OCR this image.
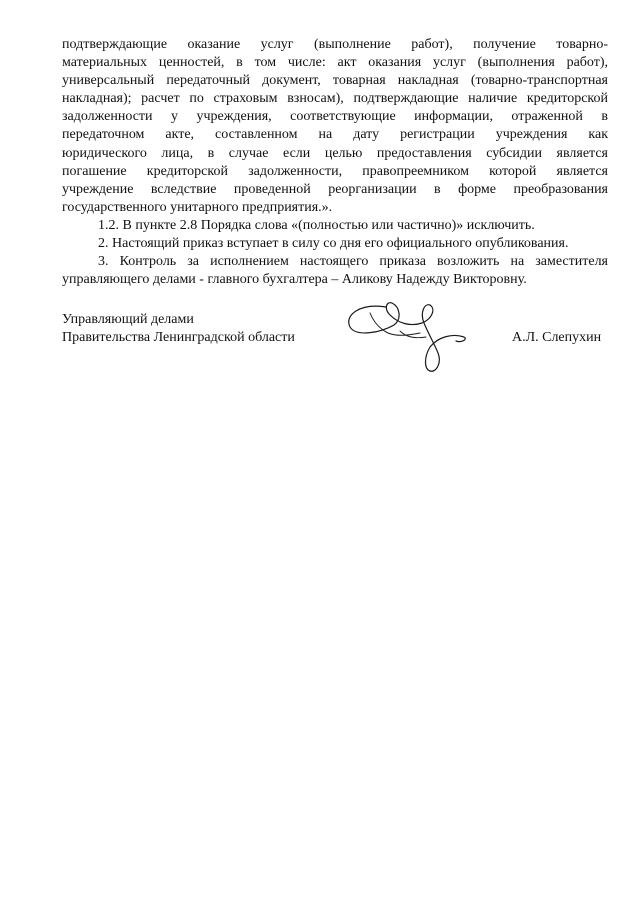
подтверждающие оказание услуг (выполнение работ), получение товарно-
материальных ценностей, в том числе: акт оказания услуг (выполнения работ),
универсальный передаточный документ, товарная накладная (товарно-транспортная
накладная); расчет по страховым взносам), подтверждающие наличие кредиторской
задолженности у учреждения, соответствующие информации, отраженной в
передаточном акте, составленном на дату регистрации учреждения как
юридического лица, в случае если целью предоставления субсидии является
погашение кредиторской задолженности, правопреемником которой является
учреждение вследствие проведенной реорганизации в форме преобразования
государственного унитарного предприятия.».
1.2. В пункте 2.8 Порядка слова «(полностью или частично)» исключить.
2. Настоящий приказ вступает в силу со дня его официального опубликования.
3. Контроль за исполнением настоящего приказа возложить на заместителя
управляющего делами - главного бухгалтера – Аликову Надежду Викторовну.
Управляющий делами
Правительства Ленинградской области	А.Л. Слепухин
